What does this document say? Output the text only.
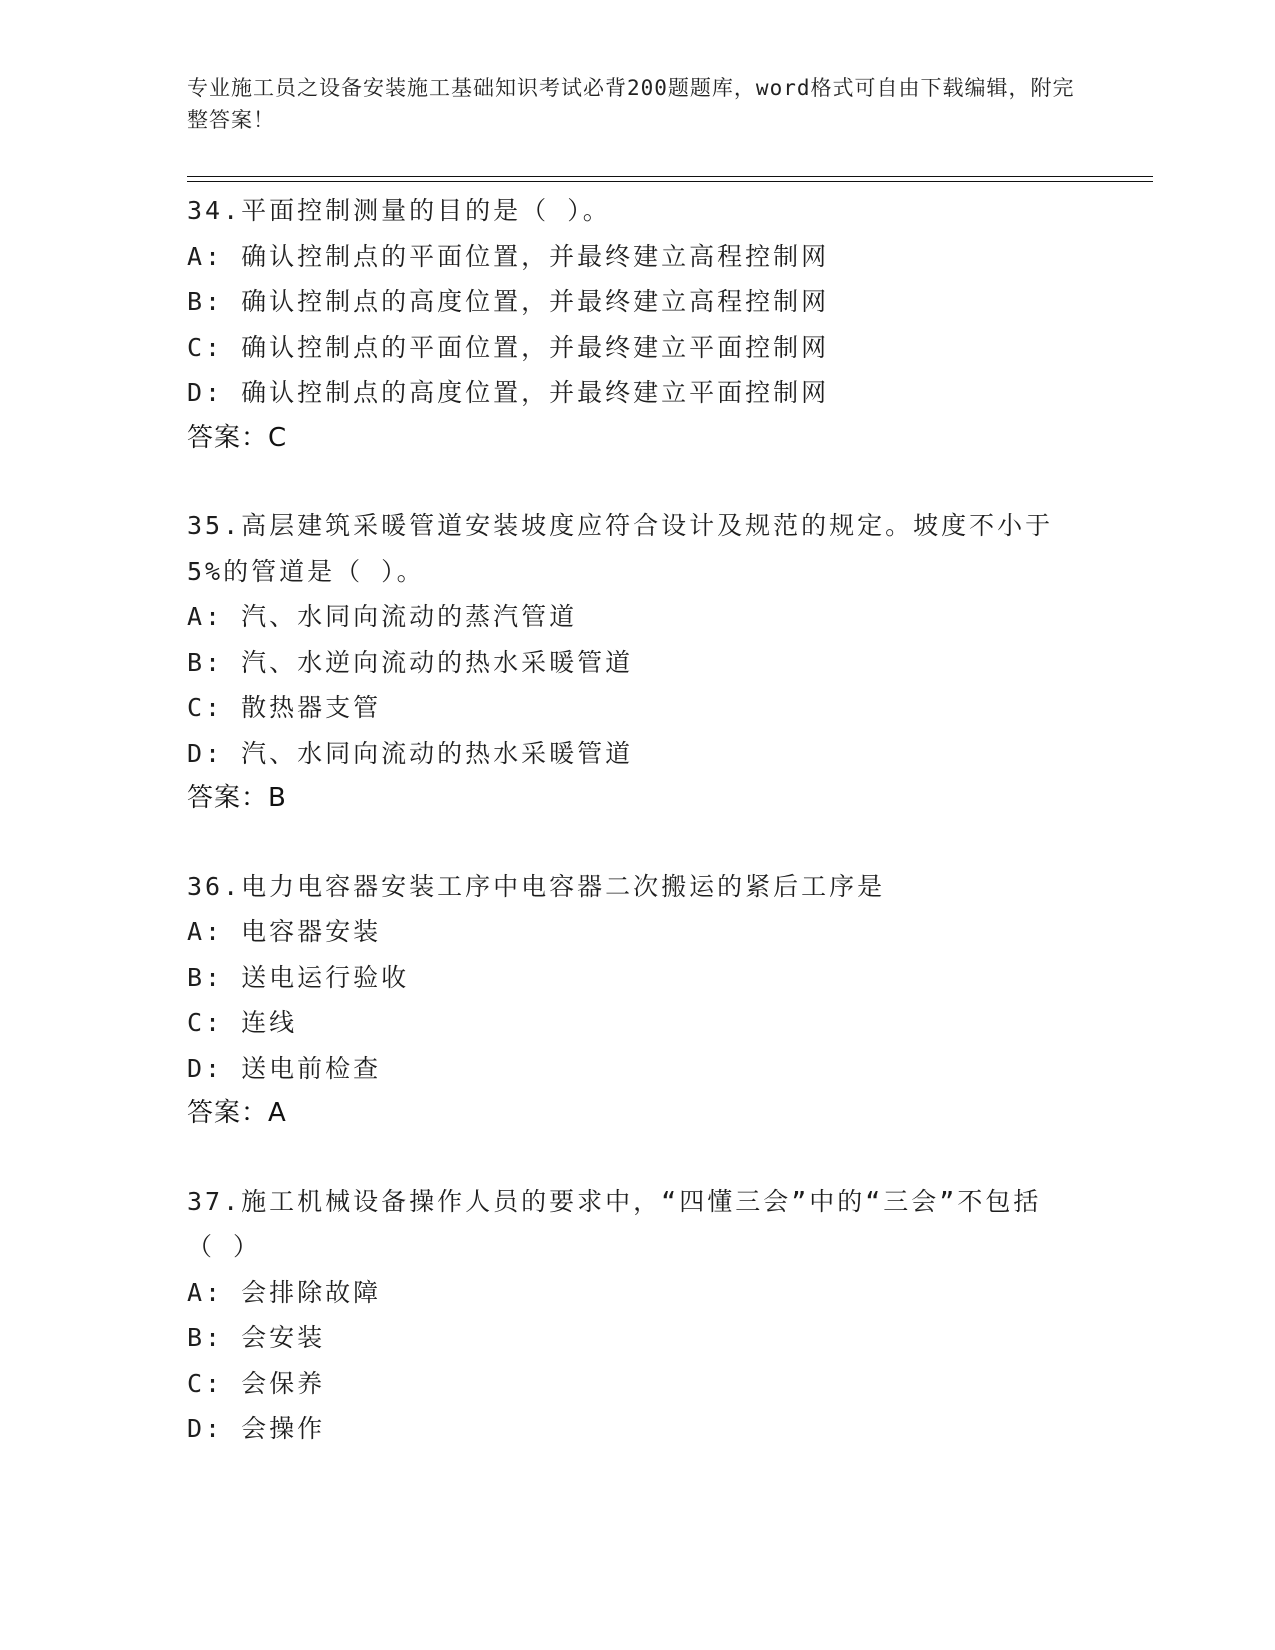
专业施工员之设备安装施工基础知识考试必背200题题库，word格式可自由下载编辑，附完整答案！
34.平面控制测量的目的是（ ）。
A: 确认控制点的平面位置，并最终建立高程控制网
B: 确认控制点的高度位置，并最终建立高程控制网
C: 确认控制点的平面位置，并最终建立平面控制网
D: 确认控制点的高度位置，并最终建立平面控制网
答案：C
35.高层建筑采暖管道安装坡度应符合设计及规范的规定。坡度不小于5%的管道是（ ）。
A: 汽、水同向流动的蒸汽管道
B: 汽、水逆向流动的热水采暖管道
C: 散热器支管
D: 汽、水同向流动的热水采暖管道
答案：B
36.电力电容器安装工序中电容器二次搬运的紧后工序是
A: 电容器安装
B: 送电运行验收
C: 连线
D: 送电前检查
答案：A
37.施工机械设备操作人员的要求中，“四懂三会”中的“三会”不包括（ ）
A: 会排除故障
B: 会安装
C: 会保养
D: 会操作
